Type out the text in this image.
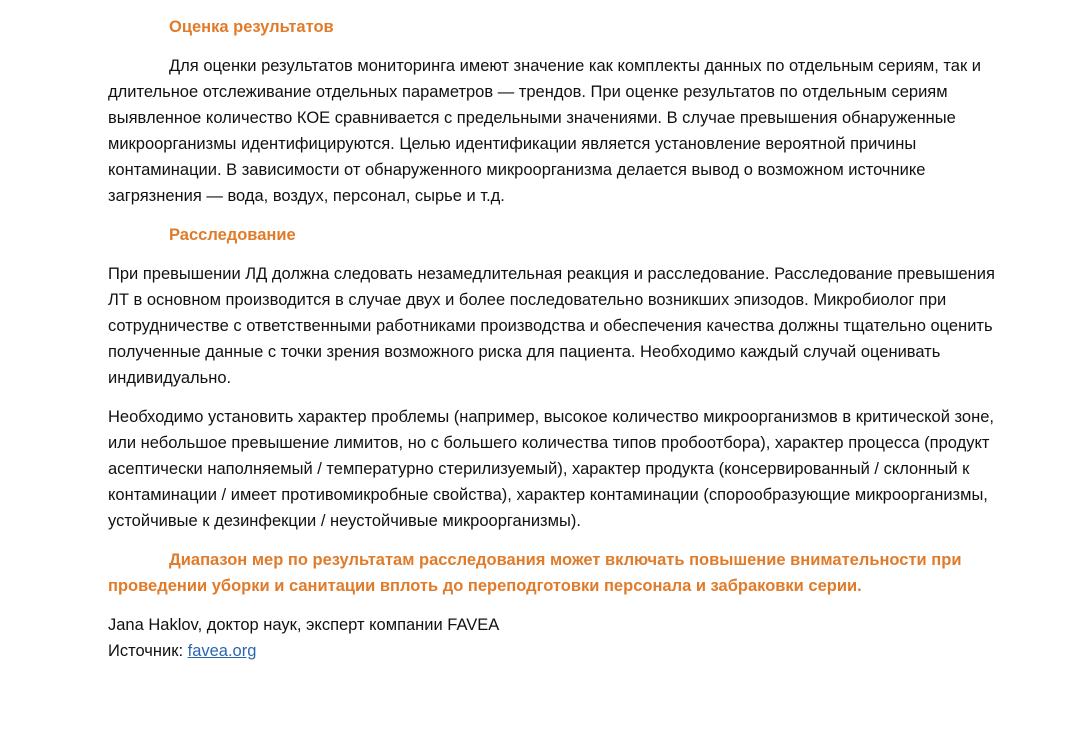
Оценка результатов

Для оценки результатов мониторинга имеют значение как комплекты данных по отдельным сериям, так и длительное отслеживание отдельных параметров — трендов. При оценке результатов по отдельным сериям выявленное количество КОЕ сравнивается с предельными значениями. В случае превышения обнаруженные микроорганизмы идентифицируются. Целью идентификации является установление вероятной причины контаминации. В зависимости от обнаруженного микроорганизма делается вывод о возможном источнике загрязнения — вода, воздух, персонал, сырье и т.д.

Расследование

При превышении ЛД должна следовать незамедлительная реакция и расследование. Расследование превышения ЛТ в основном производится в случае двух и более последовательно возникших эпизодов. Микробиолог при сотрудничестве с ответственными работниками производства и обеспечения качества должны тщательно оценить полученные данные с точки зрения возможного риска для пациента. Необходимо каждый случай оценивать индивидуально.

Необходимо установить характер проблемы (например, высокое количество микроорганизмов в критической зоне, или небольшое превышение лимитов, но с большего количества типов пробоотбора), характер процесса (продукт асептически наполняемый / температурно стерилизуемый), характер продукта (консервированный / склонный к контаминации / имеет противомикробные свойства), характер контаминации (спорообразующие микроорганизмы, устойчивые к дезинфекции / неустойчивые микроорганизмы).

Диапазон мер по результатам расследования может включать повышение внимательности при проведении уборки и санитации вплоть до переподготовки персонала и забраковки серии.

Jana Haklov, доктор наук, эксперт компании FAVEA

Источник: favea.org
